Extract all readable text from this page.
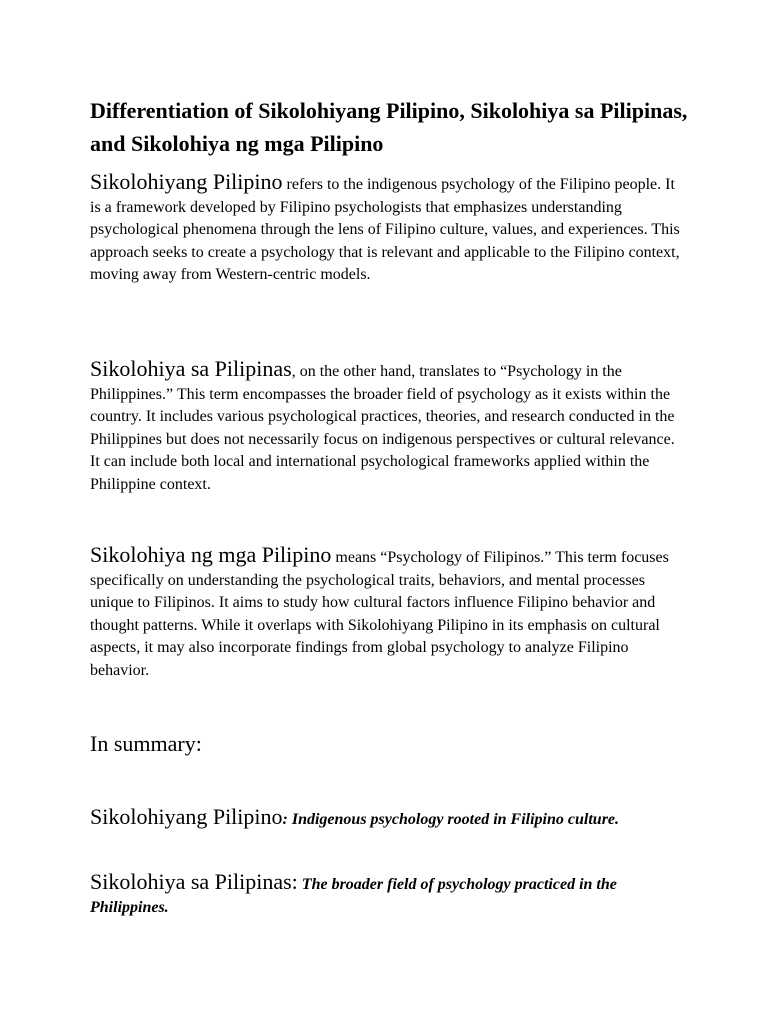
Differentiation of Sikolohiyang Pilipino, Sikolohiya sa Pilipinas, and Sikolohiya ng mga Pilipino

Sikolohiyang Pilipino refers to the indigenous psychology of the Filipino people. It is a framework developed by Filipino psychologists that emphasizes understanding psychological phenomena through the lens of Filipino culture, values, and experiences. This approach seeks to create a psychology that is relevant and applicable to the Filipino context, moving away from Western-centric models.

Sikolohiya sa Pilipinas, on the other hand, translates to “Psychology in the Philippines.” This term encompasses the broader field of psychology as it exists within the country. It includes various psychological practices, theories, and research conducted in the Philippines but does not necessarily focus on indigenous perspectives or cultural relevance. It can include both local and international psychological frameworks applied within the Philippine context.

Sikolohiya ng mga Pilipino means “Psychology of Filipinos.” This term focuses specifically on understanding the psychological traits, behaviors, and mental processes unique to Filipinos. It aims to study how cultural factors influence Filipino behavior and thought patterns. While it overlaps with Sikolohiyang Pilipino in its emphasis on cultural aspects, it may also incorporate findings from global psychology to analyze Filipino behavior.

In summary:

Sikolohiyang Pilipino: Indigenous psychology rooted in Filipino culture.

Sikolohiya sa Pilipinas: The broader field of psychology practiced in the Philippines.
